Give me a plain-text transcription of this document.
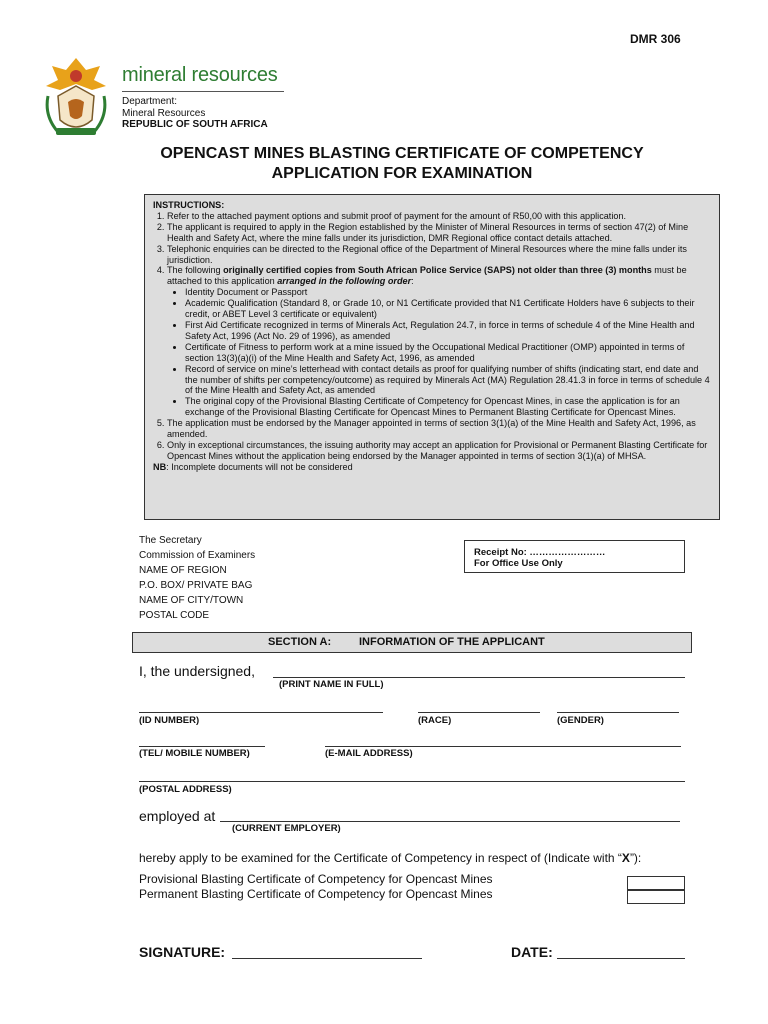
DMR 306
mineral resources
Department:
Mineral Resources
REPUBLIC OF SOUTH AFRICA
OPENCAST MINES BLASTING CERTIFICATE OF COMPETENCY
APPLICATION FOR EXAMINATION
INSTRUCTIONS:
1. Refer to the attached payment options and submit proof of payment for the amount of R50,00 with this application.
2. The applicant is required to apply in the Region established by the Minister of Mineral Resources in terms of section 47(2) of Mine Health and Safety Act, where the mine falls under its jurisdiction, DMR Regional office contact details attached.
3. Telephonic enquiries can be directed to the Regional office of the Department of Mineral Resources where the mine falls under its jurisdiction.
4. The following originally certified copies from South African Police Service (SAPS) not older than three (3) months must be attached to this application arranged in the following order:
• Identity Document or Passport
• Academic Qualification (Standard 8, or Grade 10, or N1 Certificate provided that N1 Certificate Holders have 6 subjects to their credit, or ABET Level 3 certificate or equivalent)
• First Aid Certificate recognized in terms of Minerals Act, Regulation 24.7, in force in terms of schedule 4 of the Mine Health and Safety Act, 1996 (Act No. 29 of 1996), as amended
• Certificate of Fitness to perform work at a mine issued by the Occupational Medical Practitioner (OMP) appointed in terms of section 13(3)(a)(i) of the Mine Health and Safety Act, 1996, as amended
• Record of service on mine’s letterhead with contact details as proof for qualifying number of shifts (indicating start, end date and the number of shifts per competency/outcome) as required by Minerals Act (MA) Regulation 28.41.3 in force in terms of schedule 4 of the Mine Health and Safety Act, as amended
• The original copy of the Provisional Blasting Certificate of Competency for Opencast Mines, in case the application is for an exchange of the Provisional Blasting Certificate for Opencast Mines to Permanent Blasting Certificate for Opencast Mines.
5. The application must be endorsed by the Manager appointed in terms of section 3(1)(a) of the Mine Health and Safety Act, 1996, as amended.
6. Only in exceptional circumstances, the issuing authority may accept an application for Provisional or Permanent Blasting Certificate for Opencast Mines without the application being endorsed by the Manager appointed in terms of section 3(1)(a) of MHSA.
NB: Incomplete documents will not be considered
The Secretary
Commission of Examiners
NAME OF REGION
P.O. BOX/ PRIVATE BAG
NAME OF CITY/TOWN
POSTAL CODE
Receipt No: ……………………
For Office Use Only
SECTION A:	INFORMATION OF THE APPLICANT
I, the undersigned,
(PRINT NAME IN FULL)
(ID NUMBER)	(RACE)	(GENDER)
(TEL/ MOBILE NUMBER)	(E-MAIL ADDRESS)
(POSTAL ADDRESS)
employed at
(CURRENT EMPLOYER)
hereby apply to be examined for the Certificate of Competency in respect of (Indicate with “X”):
Provisional Blasting Certificate of Competency for Opencast Mines
Permanent Blasting Certificate of Competency for Opencast Mines
SIGNATURE:	DATE:
